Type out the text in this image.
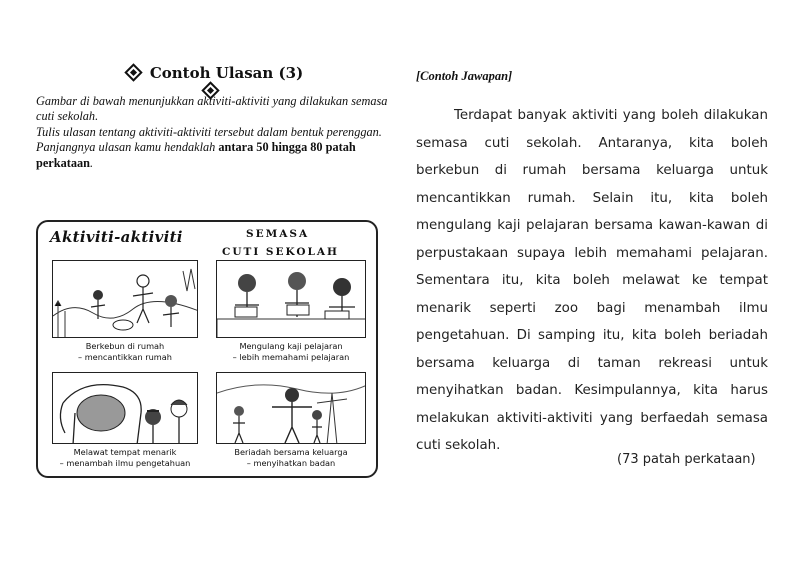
Contoh Ulasan (3)

Gambar di bawah menunjukkan aktiviti-aktiviti yang dilakukan semasa cuti sekolah.

Tulis ulasan tentang aktiviti-aktiviti tersebut dalam bentuk perenggan.

Panjangnya ulasan kamu hendaklah antara 50 hingga 80 patah perkataan.

Aktiviti-aktiviti	SEMASA
CUTI SEKOLAH
Berkebun di rumah
– mencantikkan rumah
Mengulang kaji pelajaran
– lebih memahami pelajaran
Melawat tempat menarik
– menambah ilmu pengetahuan
Beriadah bersama keluarga
– menyihatkan badan
[Contoh Jawapan]

Terdapat banyak aktiviti yang boleh dilakukan semasa cuti sekolah. Antaranya, kita boleh berkebun di rumah bersama keluarga untuk mencantikkan rumah. Selain itu, kita boleh mengulang kaji pelajaran bersama kawan-kawan di perpustakaan supaya lebih memahami pelajaran. Sementara itu, kita boleh melawat ke tempat menarik seperti zoo bagi menambah ilmu pengetahuan. Di samping itu, kita boleh beriadah bersama keluarga di taman rekreasi untuk menyihatkan badan. Kesimpulannya, kita harus melakukan aktiviti-aktiviti yang berfaedah semasa cuti sekolah.

(73 patah perkataan)
